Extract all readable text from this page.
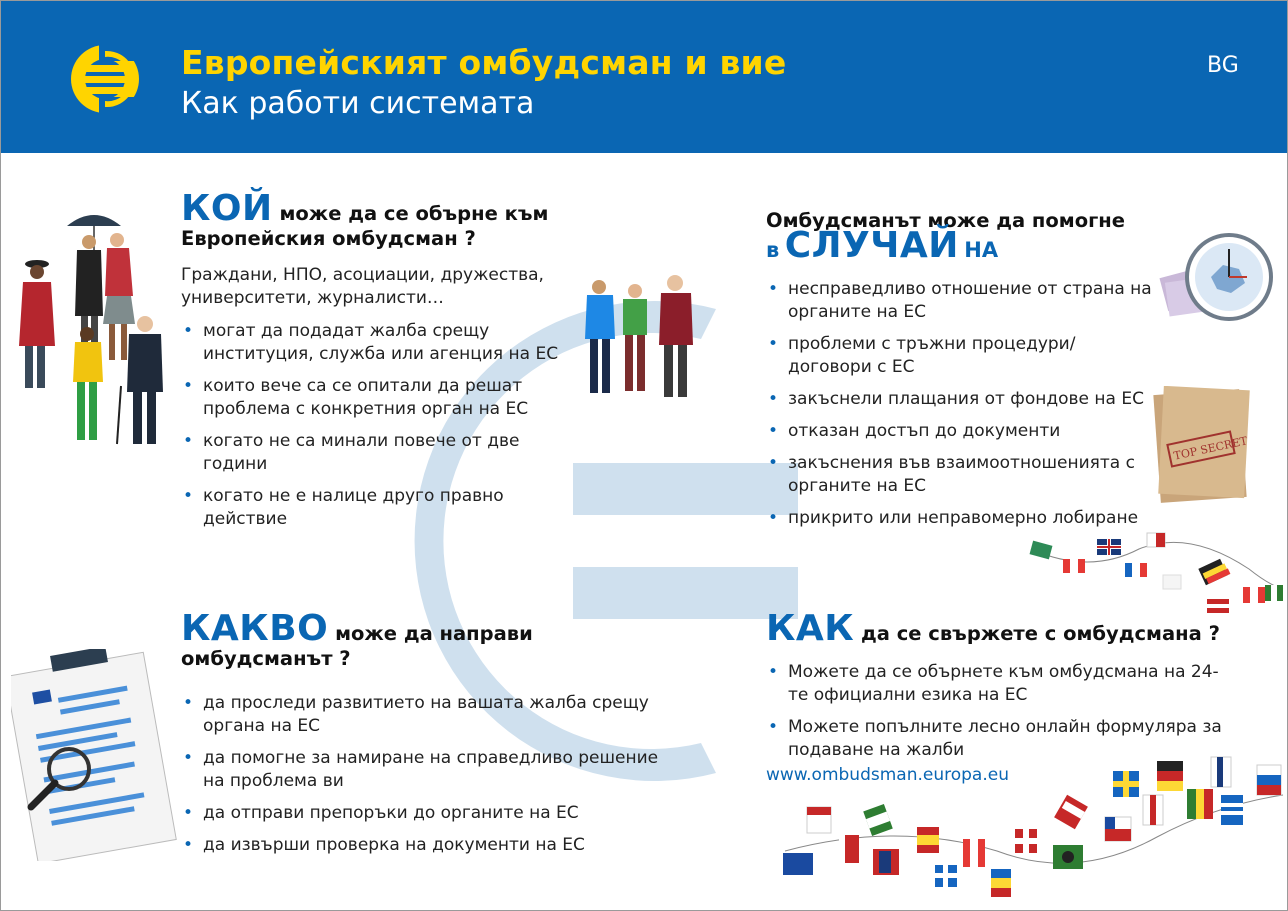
Европейският омбудсман и вие
Как работи системата
BG
КОЙ може да се обърне към
Европейския омбудсман ?
Граждани, НПО, асоциации, дружества, университети, журналисти…
• могат да подадат жалба срещу институция, служба или агенция на ЕС
• които вече са се опитали да решат проблема с конкретния орган на ЕС
• когато не са минали повече от две години
• когато не е налице друго правно действие
Омбудсманът може да помогне
в СЛУЧАЙ НА
• несправедливо отношение от страна на органите на ЕС
• проблеми с тръжни процедури/договори с ЕС
• закъснели плащания от фондове на ЕС
• отказан достъп до документи
• закъснения във взаимоотношенията с органите на ЕС
• прикрито или неправомерно лобиране
КАКВО може да направи
омбудсманът ?
• да проследи развитието на вашата жалба срещу органа на ЕС
• да помогне за намиране на справедливо решение на проблема ви
• да отправи препоръки до органите на ЕС
• да извърши проверка на документи на ЕС
КАК да се свържете с омбудсмана ?
• Можете да се обърнете към омбудсмана на 24-те официални езика на ЕС
• Можете попълните лесно онлайн формуляра за подаване на жалби
www.ombudsman.europa.eu
TOP SECRET
